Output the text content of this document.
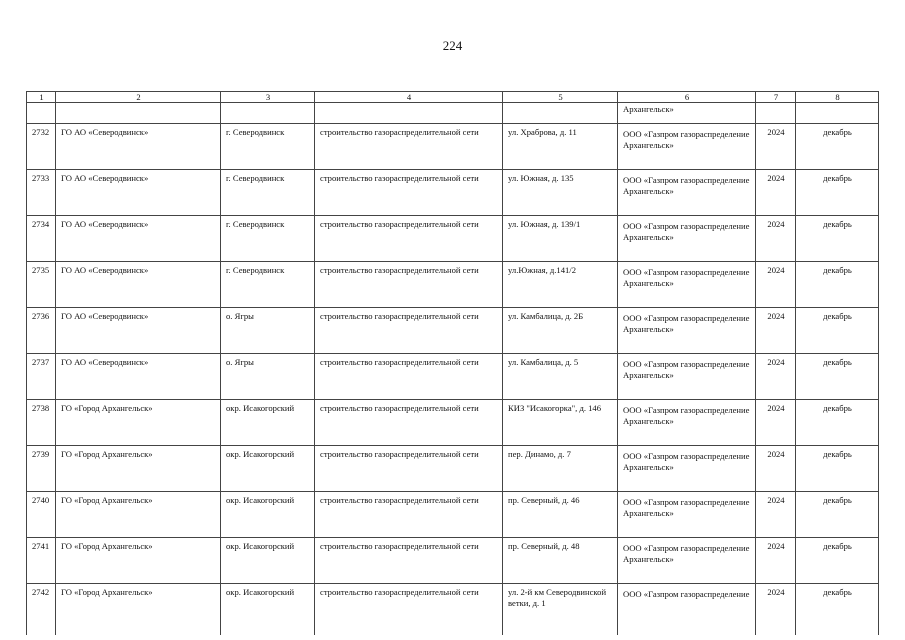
224
1	2	3	4	5	6	7	8
					Архангельск»		
2732	ГО АО «Северодвинск»	г. Северодвинск	строительство газораспределительной сети	ул. Храброва, д. 11	ООО «Газпром газораспределение Архангельск»	2024	декабрь
2733	ГО АО «Северодвинск»	г. Северодвинск	строительство газораспределительной сети	ул. Южная, д. 135	ООО «Газпром газораспределение Архангельск»	2024	декабрь
2734	ГО АО «Северодвинск»	г. Северодвинск	строительство газораспределительной сети	ул. Южная, д. 139/1	ООО «Газпром газораспределение Архангельск»	2024	декабрь
2735	ГО АО «Северодвинск»	г. Северодвинск	строительство газораспределительной сети	ул.Южная, д.141/2	ООО «Газпром газораспределение Архангельск»	2024	декабрь
2736	ГО АО «Северодвинск»	о. Ягры	строительство газораспределительной сети	ул. Камбалица, д. 2Б	ООО «Газпром газораспределение Архангельск»	2024	декабрь
2737	ГО АО «Северодвинск»	о. Ягры	строительство газораспределительной сети	ул. Камбалица, д. 5	ООО «Газпром газораспределение Архангельск»	2024	декабрь
2738	ГО «Город Архангельск»	окр. Исакогорский	строительство газораспределительной сети	КИЗ "Исакогорка", д. 146	ООО «Газпром газораспределение Архангельск»	2024	декабрь
2739	ГО «Город Архангельск»	окр. Исакогорский	строительство газораспределительной сети	пер. Динамо, д. 7	ООО «Газпром газораспределение Архангельск»	2024	декабрь
2740	ГО «Город Архангельск»	окр. Исакогорский	строительство газораспределительной сети	пр. Северный, д. 46	ООО «Газпром газораспределение Архангельск»	2024	декабрь
2741	ГО «Город Архангельск»	окр. Исакогорский	строительство газораспределительной сети	пр. Северный, д. 48	ООО «Газпром газораспределение Архангельск»	2024	декабрь
2742	ГО «Город Архангельск»	окр. Исакогорский	строительство газораспределительной сети	ул. 2-й км Северодвинской ветки, д. 1	ООО «Газпром газораспределение	2024	декабрь
